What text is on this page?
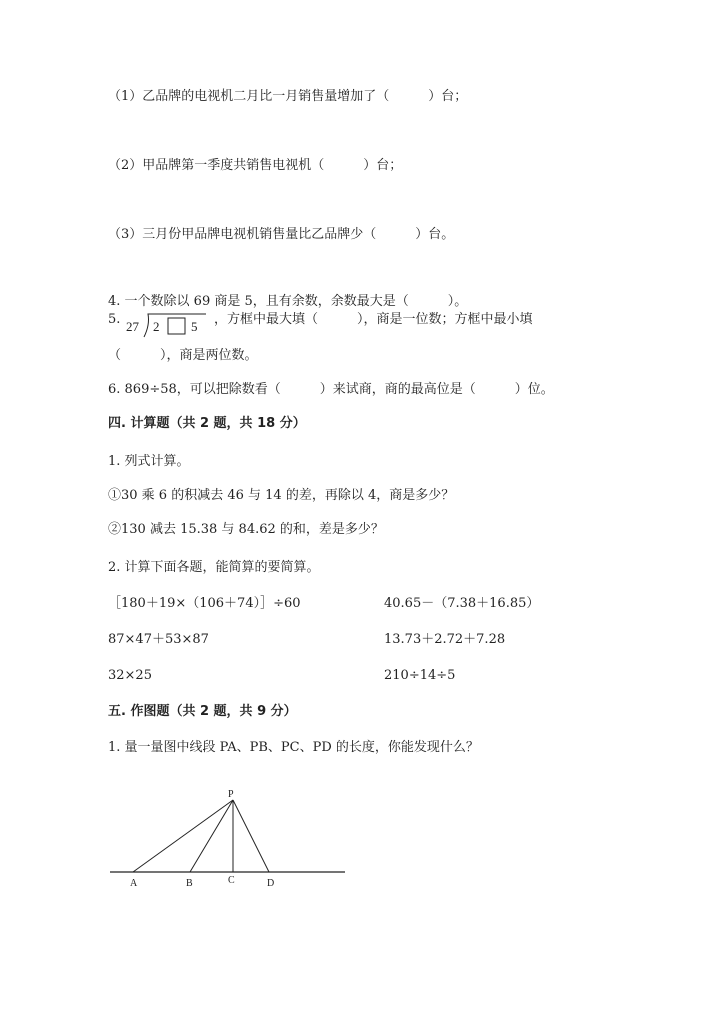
（1）乙品牌的电视机二月比一月销售量增加了（　　　）台；
（2）甲品牌第一季度共销售电视机（　　　）台；
（3）三月份甲品牌电视机销售量比乙品牌少（　　　）台。
4. 一个数除以 69 商是 5，且有余数，余数最大是（　　　）。
5. 27 2 5 ，方框中最大填（　　　），商是一位数；方框中最小填
（　　　），商是两位数。
6. 869÷58，可以把除数看（　　　）来试商，商的最高位是（　　　）位。
四. 计算题（共 2 题，共 18 分）
1. 列式计算。
①30 乘 6 的积减去 46 与 14 的差，再除以 4，商是多少？
②130 减去 15.38 与 84.62 的和，差是多少？
2. 计算下面各题，能简算的要简算。
［180＋19×（106＋74）］÷60	40.65－（7.38＋16.85）
87×47＋53×87	13.73＋2.72＋7.28
32×25	210÷14÷5
五. 作图题（共 2 题，共 9 分）
1. 量一量图中线段 PA、PB、PC、PD 的长度，你能发现什么？
P
A	B	C	D
